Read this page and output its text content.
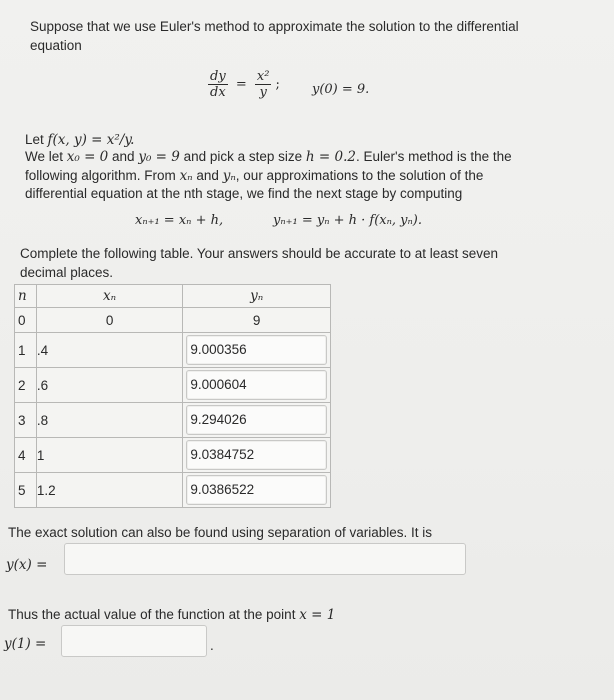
Suppose that we use Euler's method to approximate the solution to the differential
equation
$\frac{dy}{dx} = \frac{\text{x²}}{y}$ ; y(0) = 9.
Let f(x, y) = x²/y.
We let x₀ = 0 and y₀ = 9 and pick a step size h = 0.2. Euler's method is the the
following algorithm. From xₙ and yₙ, our approximations to the solution of the
differential equation at the nth stage, we find the next stage by computing
xₙ₊₁ = xₙ + h,	yₙ₊₁ = yₙ + h · f(xₙ, yₙ).
Complete the following table. Your answers should be accurate to at least seven
decimal places.
n	xₙ	yₙ
0	0	9
1	.4	9.000356

2	.6	9.000604

3	.8	9.294026

4	1	9.0384752

5	1.2	9.0386522
The exact solution can also be found using separation of variables. It is
y(x) =
Thus the actual value of the function at the point x = 1
y(1) =	.
